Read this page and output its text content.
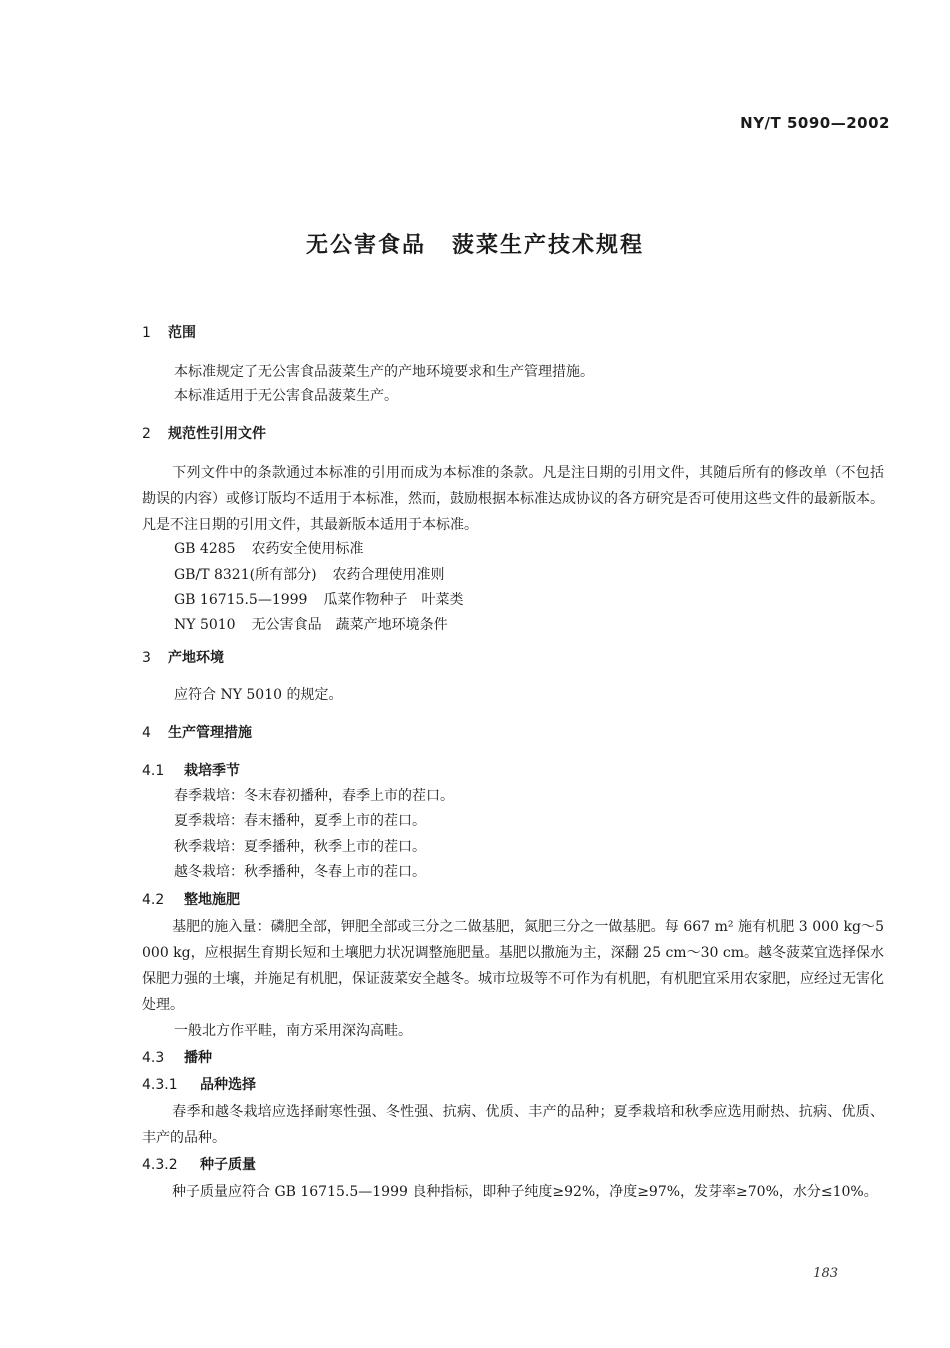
NY/T 5090—2002
无公害食品 菠菜生产技术规程
1 范围
本标准规定了无公害食品菠菜生产的产地环境要求和生产管理措施。
本标准适用于无公害食品菠菜生产。
2 规范性引用文件
下列文件中的条款通过本标准的引用而成为本标准的条款。凡是注日期的引用文件，其随后所有的修改单（不包括勘误的内容）或修订版均不适用于本标准，然而，鼓励根据本标准达成协议的各方研究是否可使用这些文件的最新版本。凡是不注日期的引用文件，其最新版本适用于本标准。
GB 4285 农药安全使用标准
GB/T 8321(所有部分) 农药合理使用准则
GB 16715.5—1999 瓜菜作物种子　叶菜类
NY 5010 无公害食品　蔬菜产地环境条件
3 产地环境
应符合 NY 5010 的规定。
4 生产管理措施
4.1 栽培季节
春季栽培：冬末春初播种，春季上市的茬口。
夏季栽培：春末播种，夏季上市的茬口。
秋季栽培：夏季播种，秋季上市的茬口。
越冬栽培：秋季播种，冬春上市的茬口。
4.2 整地施肥
基肥的施入量：磷肥全部，钾肥全部或三分之二做基肥，氮肥三分之一做基肥。每 667 m² 施有机肥 3 000 kg～5 000 kg，应根据生育期长短和土壤肥力状况调整施肥量。基肥以撒施为主，深翻 25 cm～30 cm。越冬菠菜宜选择保水保肥力强的土壤，并施足有机肥，保证菠菜安全越冬。城市垃圾等不可作为有机肥，有机肥宜采用农家肥，应经过无害化处理。
一般北方作平畦，南方采用深沟高畦。
4.3 播种
4.3.1 品种选择
春季和越冬栽培应选择耐寒性强、冬性强、抗病、优质、丰产的品种；夏季栽培和秋季应选用耐热、抗病、优质、丰产的品种。
4.3.2 种子质量
种子质量应符合 GB 16715.5—1999 良种指标，即种子纯度≥92%，净度≥97%，发芽率≥70%，水分≤10%。
183
